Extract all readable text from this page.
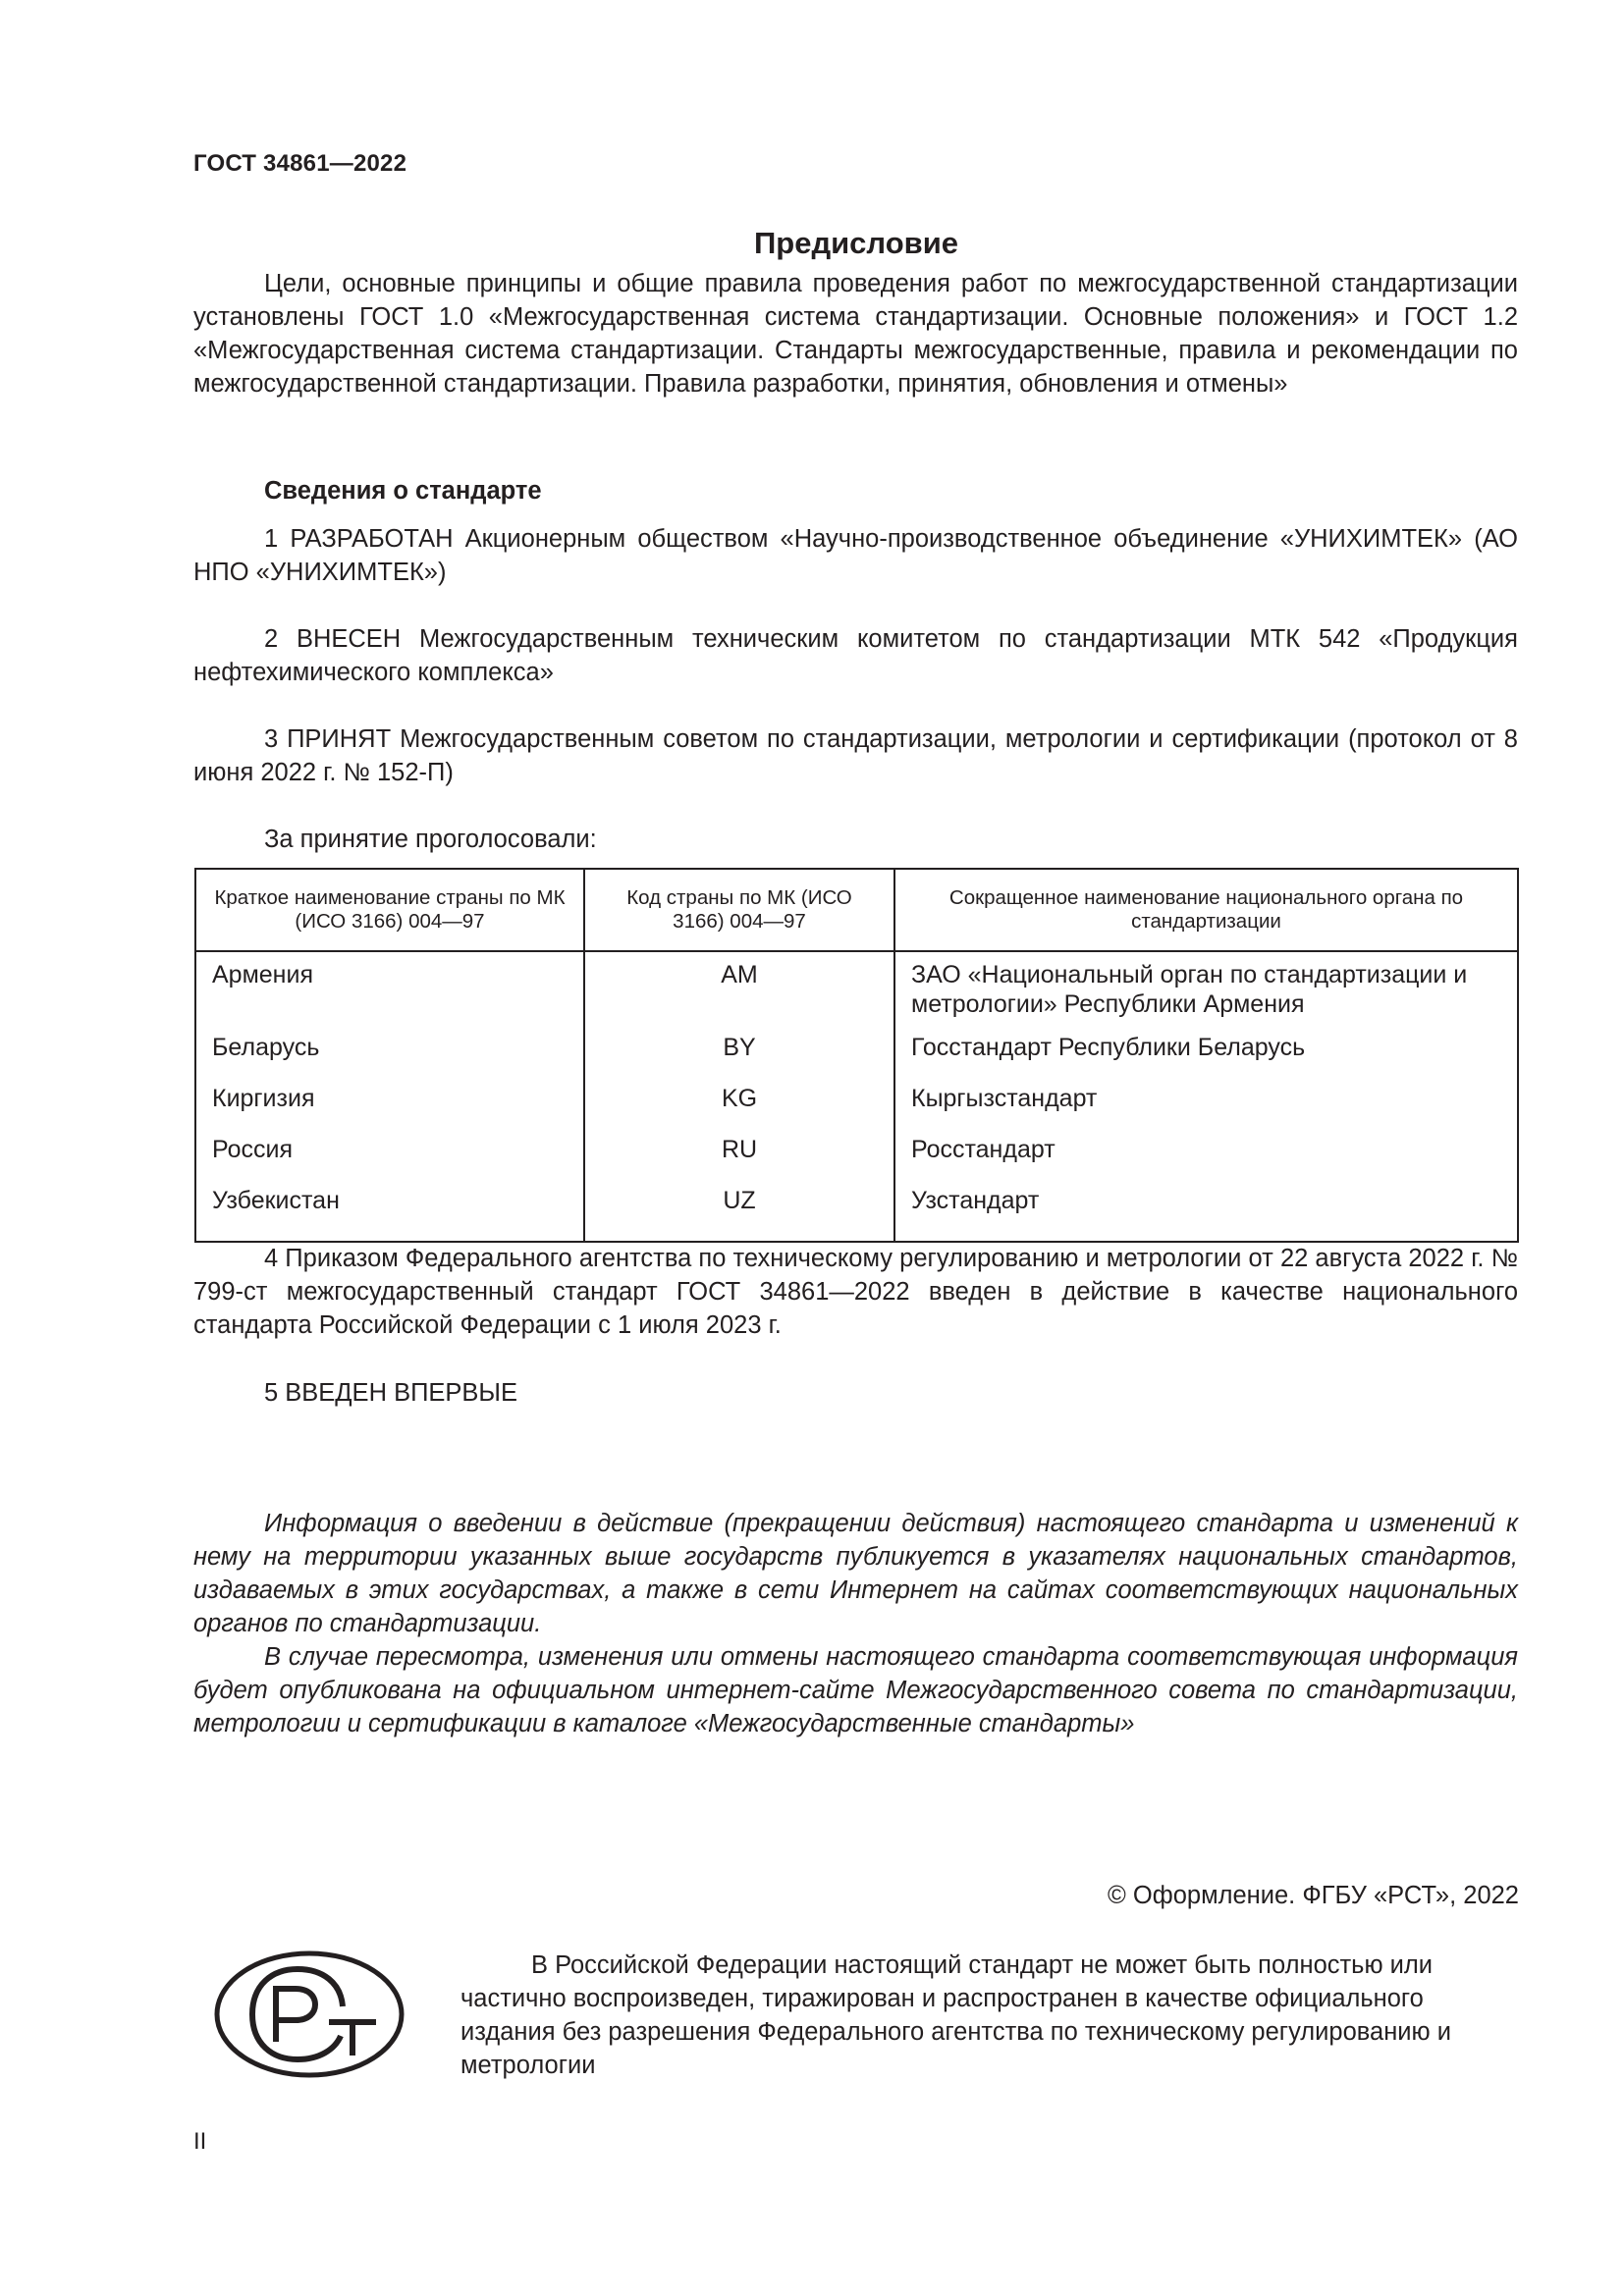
ГОСТ 34861—2022
Предисловие

Цели, основные принципы и общие правила проведения работ по межгосударственной стандартизации установлены ГОСТ 1.0 «Межгосударственная система стандартизации. Основные положения» и ГОСТ 1.2 «Межгосударственная система стандартизации. Стандарты межгосударственные, правила и рекомендации по межгосударственной стандартизации. Правила разработки, принятия, обновления и отмены»

Сведения о стандарте

1 РАЗРАБОТАН Акционерным обществом «Научно-производственное объединение «УНИХИМТЕК» (АО НПО «УНИХИМТЕК»)

2 ВНЕСЕН Межгосударственным техническим комитетом по стандартизации МТК 542 «Продукция нефтехимического комплекса»

3 ПРИНЯТ Межгосударственным советом по стандартизации, метрологии и сертификации (протокол от 8 июня 2022 г. № 152-П)

За принятие проголосовали:

Краткое наименование страны по МК (ИСО 3166) 004—97	Код страны по МК (ИСО 3166) 004—97	Сокращенное наименование национального органа по стандартизации
Армения	AM	ЗАО «Национальный орган по стандартизации и метрологии» Республики Армения
Беларусь	BY	Госстандарт Республики Беларусь
Киргизия	KG	Кыргызстандарт
Россия	RU	Росстандарт
Узбекистан	UZ	Узстандарт

4 Приказом Федерального агентства по техническому регулированию и метрологии от 22 августа 2022 г. № 799-ст межгосударственный стандарт ГОСТ 34861—2022 введен в действие в качестве национального стандарта Российской Федерации с 1 июля 2023 г.

5 ВВЕДЕН ВПЕРВЫЕ

Информация о введении в действие (прекращении действия) настоящего стандарта и изменений к нему на территории указанных выше государств публикуется в указателях национальных стандартов, издаваемых в этих государствах, а также в сети Интернет на сайтах соответствующих национальных органов по стандартизации.

В случае пересмотра, изменения или отмены настоящего стандарта соответствующая информация будет опубликована на официальном интернет-сайте Межгосударственного совета по стандартизации, метрологии и сертификации в каталоге «Межгосударственные стандарты»

© Оформление. ФГБУ «РСТ», 2022

В Российской Федерации настоящий стандарт не может быть полностью или частично воспроизведен, тиражирован и распространен в качестве официального издания без разрешения Федерального агентства по техническому регулированию и метрологии

II
